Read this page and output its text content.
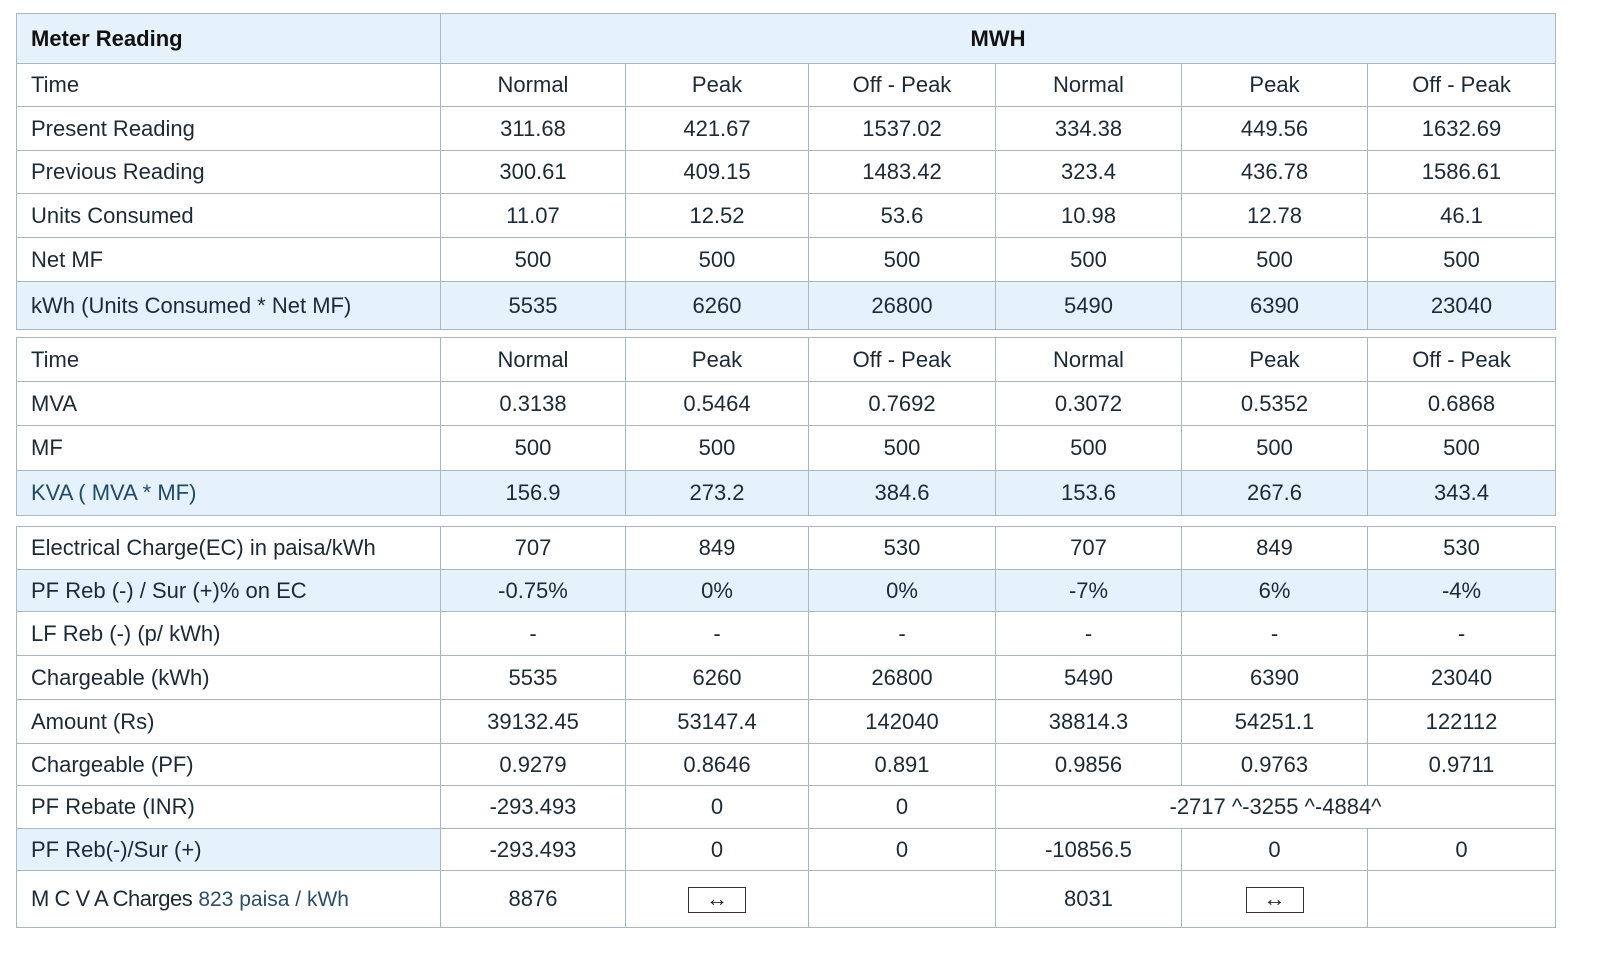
Meter Reading	MWH					
Time	Normal	Peak	Off - Peak	Normal	Peak	Off - Peak
Present Reading	311.68	421.67	1537.02	334.38	449.56	1632.69
Previous Reading	300.61	409.15	1483.42	323.4	436.78	1586.61
Units Consumed	11.07	12.52	53.6	10.98	12.78	46.1
Net MF	500	500	500	500	500	500
kWh (Units Consumed * Net MF)	5535	6260	26800	5490	6390	23040

Time	Normal	Peak	Off - Peak	Normal	Peak	Off - Peak
MVA	0.3138	0.5464	0.7692	0.3072	0.5352	0.6868
MF	500	500	500	500	500	500
KVA ( MVA * MF)	156.9	273.2	384.6	153.6	267.6	343.4

Electrical Charge(EC) in paisa/kWh	707	849	530	707	849	530
PF Reb (-) / Sur (+)% on EC	-0.75%	0%	0%	-7%	6%	-4%
LF Reb (-) (p/ kWh)	-	-	-	-	-	-
Chargeable (kWh)	5535	6260	26800	5490	6390	23040
Amount (Rs)	39132.45	53147.4	142040	38814.3	54251.1	122112
Chargeable (PF)	0.9279	0.8646	0.891	0.9856	0.9763	0.9711
PF Rebate (INR)	-293.493	0	0	-2717 ^-3255 ^-4884^		
PF Reb(-)/Sur (+)	-293.493	0	0	-10856.5	0	0
M C V A Charges 823 paisa / kWh	8876	↔		8031	↔	
